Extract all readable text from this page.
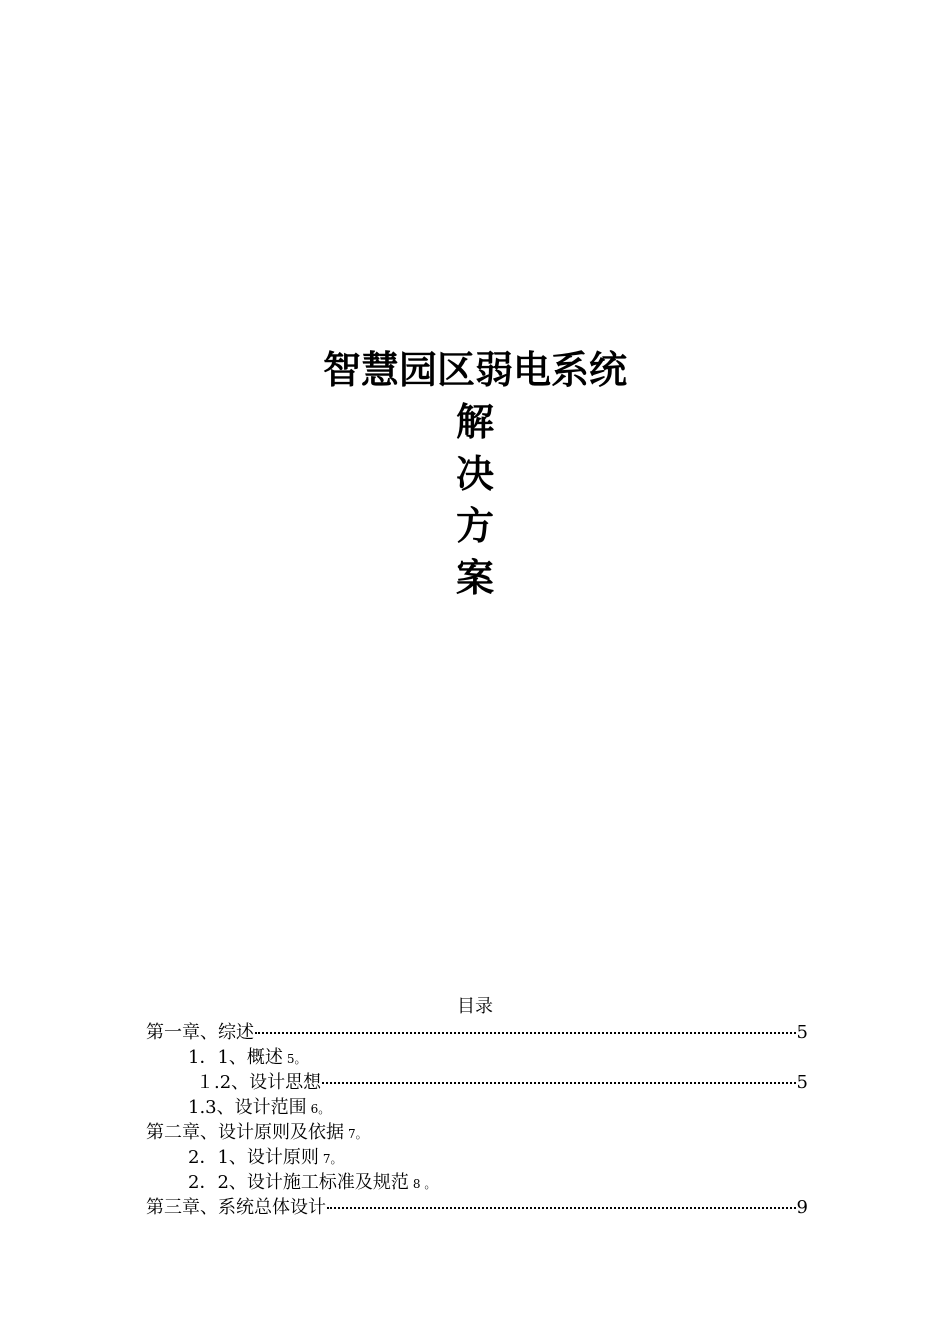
智慧园区弱电系统
解
决
方
案
目录
第一章、综述	5
1．1、概述 5。
１.2、设计思想	5
1.3、设计范围 6。
第二章、设计原则及依据 7。
2．1、设计原则 7。
2．2、设计施工标准及规范 8 。
第三章、系统总体设计	9
